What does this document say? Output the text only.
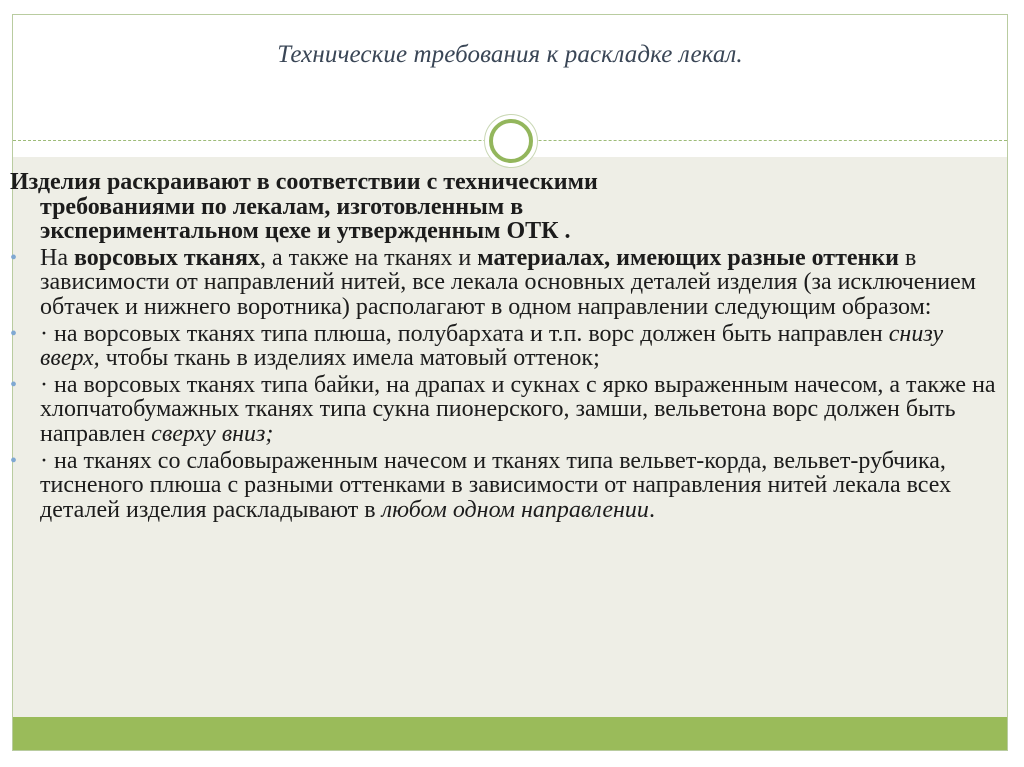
Технические требования к раскладке лекал.

Изделия раскраивают в соответствии с техническими
требованиями по лекалам, изготовленным в
экспериментальном цехе и утвержденным ОТК .

• На ворсовых тканях, а также на тканях и материалах, имеющих разные оттенки в зависимости от направлений нитей, все лекала основных деталей изделия (за исключением обтачек и нижнего воротника) располагают в одном направлении следующим образом:

• · на ворсовых тканях типа плюша, полубархата и т.п. ворс должен быть направлен снизу вверх, чтобы ткань в изделиях имела матовый оттенок;

• · на ворсовых тканях типа байки, на драпах и сукнах с ярко выраженным начесом, а также на хлопчатобумажных тканях типа сукна пионерского, замши, вельветона ворс должен быть направлен сверху вниз;

• · на тканях со слабовыраженным начесом и тканях типа вельвет-корда, вельвет-рубчика, тисненого плюша с разными оттенками в зависимости от направления нитей лекала всех деталей изделия раскладывают в любом одном направлении.
